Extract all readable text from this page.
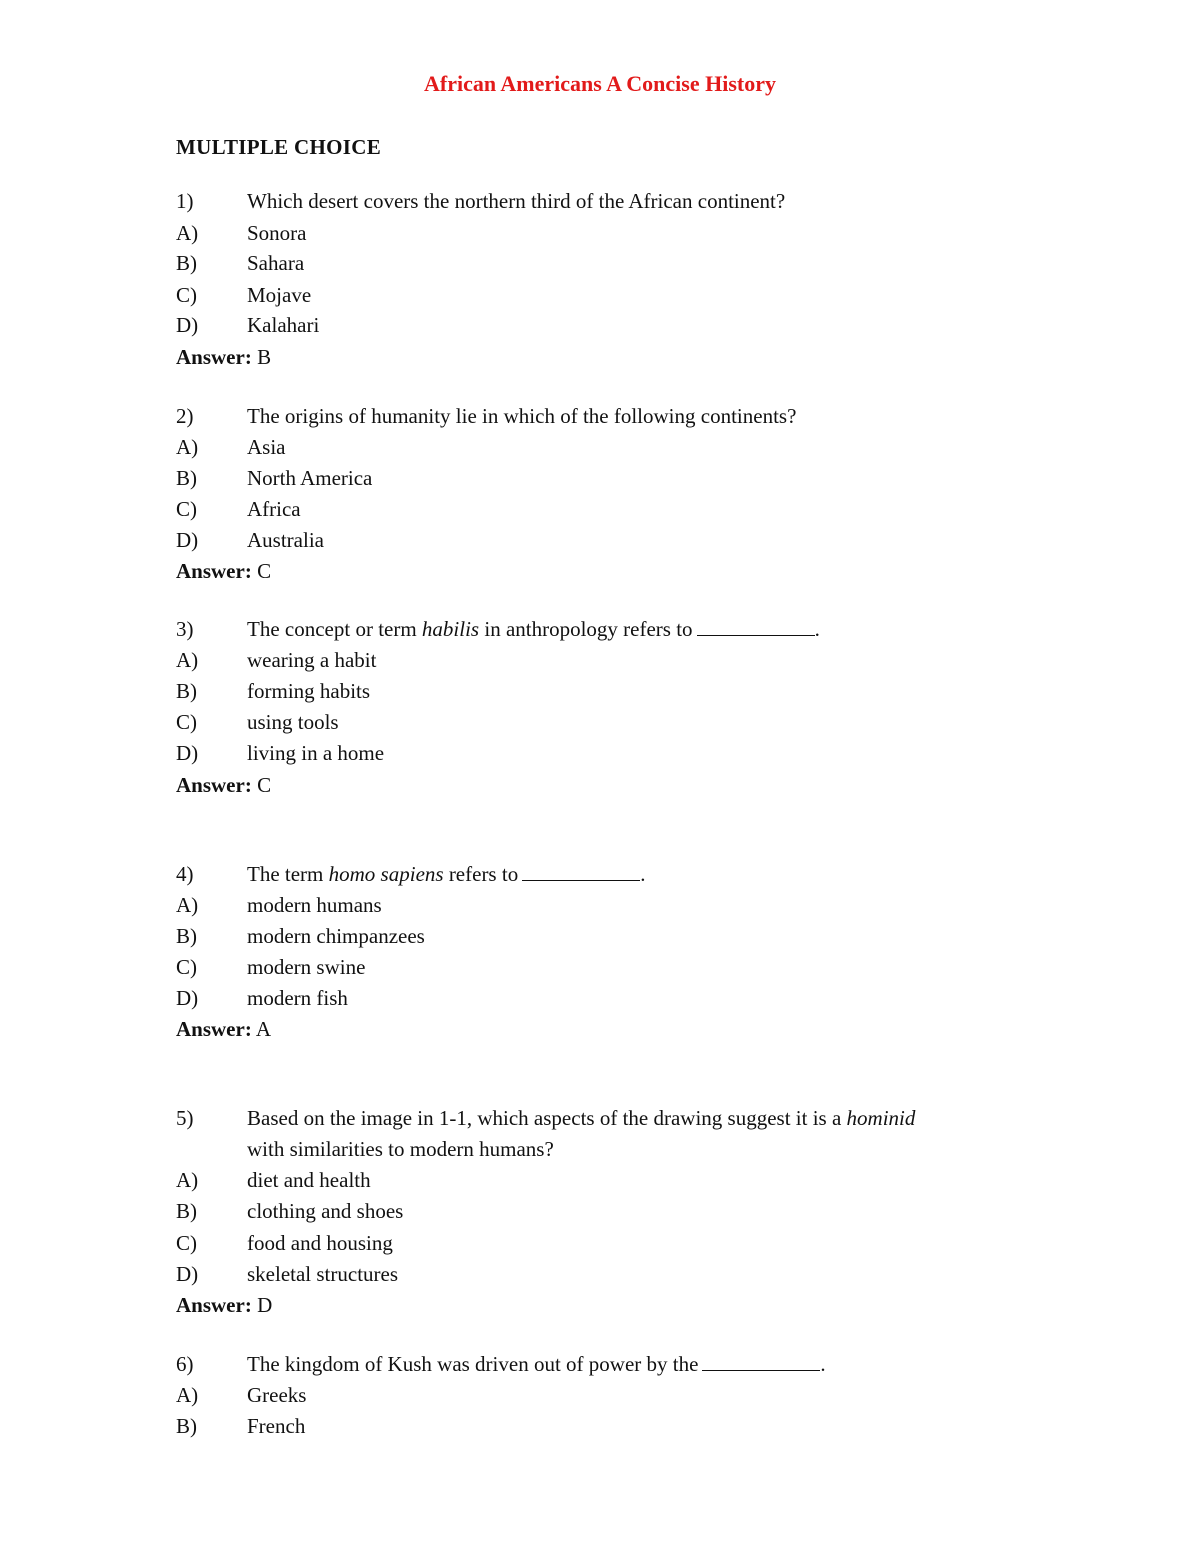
African Americans A Concise History
MULTIPLE CHOICE
1)	Which desert covers the northern third of the African continent?
A) Sonora
B) Sahara
C) Mojave
D) Kalahari
Answer: B
2)	The origins of humanity lie in which of the following continents?
A) Asia
B) North America
C) Africa
D) Australia
Answer: C
3)	The concept or term habilis in anthropology refers to	.
A) wearing a habit
B) forming habits
C) using tools
D) living in a home
Answer: C
4)	The term homo sapiens refers to	.
A) modern humans
B) modern chimpanzees
C) modern swine
D) modern fish
Answer: A
5)	Based on the image in 1-1, which aspects of the drawing suggest it is a hominid
with similarities to modern humans?
A) diet and health
B) clothing and shoes
C) food and housing
D) skeletal structures
Answer: D
6)	The kingdom of Kush was driven out of power by the	.
A) Greeks
B) French
